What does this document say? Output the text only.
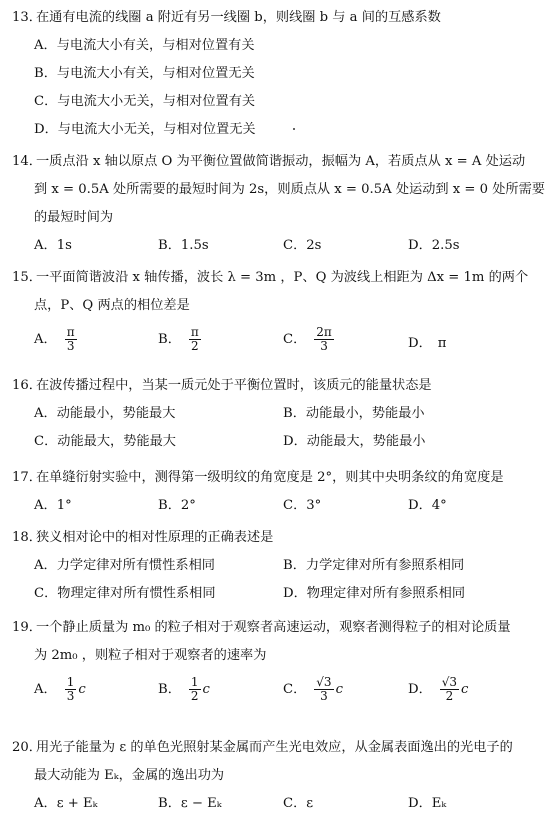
13．在通有电流的线圈 a 附近有另一线圈 b，则线圈 b 与 a 间的互感系数
A．与电流大小有关，与相对位置有关
B．与电流大小有关，与相对位置无关
C．与电流大小无关，与相对位置有关
D．与电流大小无关，与相对位置无关
14．一质点沿 x 轴以原点 O 为平衡位置做简谐振动，振幅为 A，若质点从 x = A 处运动
到 x = 0.5A 处所需要的最短时间为 2s，则质点从 x = 0.5A 处运动到 x = 0 处所需要
的最短时间为
A．1s	B．1.5s	C．2s	D．2.5s
15．一平面简谐波沿 x 轴传播，波长 λ = 3m ，P、Q 为波线上相距为 Δx = 1m 的两个
点，P、Q 两点的相位差是
A． $\frac{\pi}{3}$	B． $\frac{\pi}{2}$	C． $\frac{2\pi}{3}$	D． π
16．在波传播过程中，当某一质元处于平衡位置时，该质元的能量状态是
A．动能最小，势能最大	B．动能最小，势能最小
C．动能最大，势能最大	D．动能最大，势能最小
17．在单缝衍射实验中，测得第一级明纹的角宽度是 2°，则其中央明条纹的角宽度是
A．1°	B．2°	C．3°	D．4°
18．狭义相对论中的相对性原理的正确表述是
A．力学定律对所有惯性系相同	B．力学定律对所有参照系相同
C．物理定律对所有惯性系相同	D．物理定律对所有参照系相同
19．一个静止质量为 m₀ 的粒子相对于观察者高速运动，观察者测得粒子的相对论质量
为 2m₀ ，则粒子相对于观察者的速率为
A． $\frac{1}{3}$ c	B． $\frac{1}{2}$ c	C． $\frac{√3}{3}$ c	D． $\frac{√3}{2}$ c
20．用光子能量为 ε 的单色光照射某金属而产生光电效应，从金属表面逸出的光电子的
最大动能为 Eₖ，金属的逸出功为
A．ε + Eₖ	B．ε − Eₖ	C．ε	D．Eₖ
